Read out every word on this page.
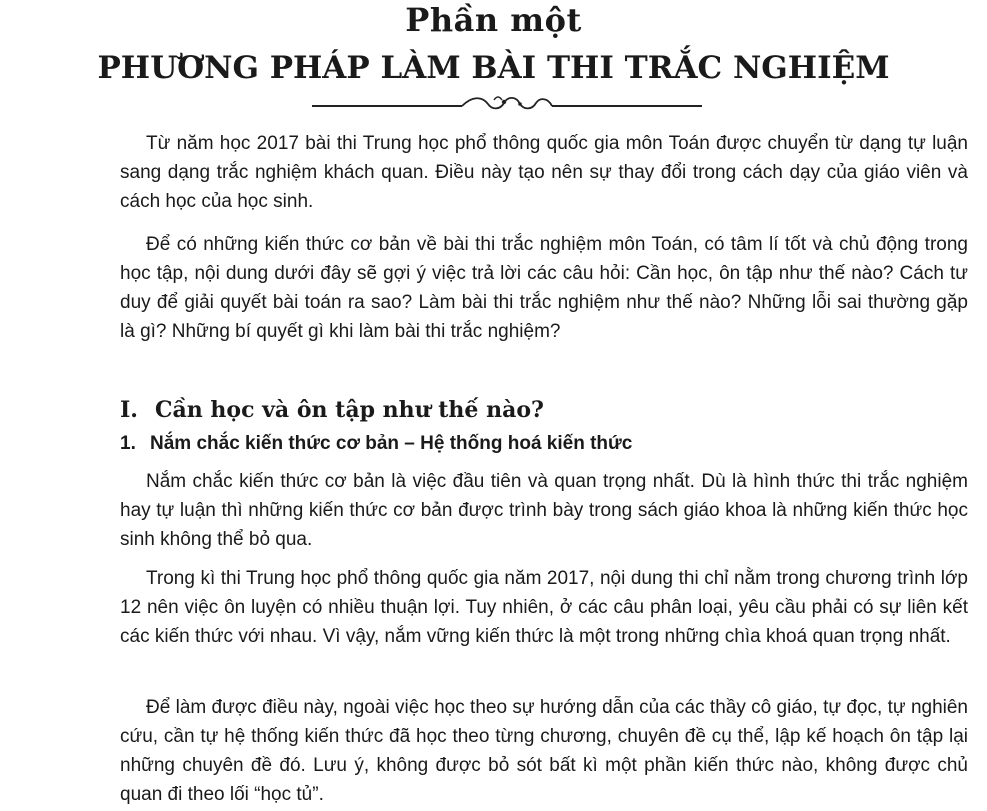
Phần một
PHƯƠNG PHÁP LÀM BÀI THI TRẮC NGHIỆM

Từ năm học 2017 bài thi Trung học phổ thông quốc gia môn Toán được chuyển từ dạng tự luận sang dạng trắc nghiệm khách quan. Điều này tạo nên sự thay đổi trong cách dạy của giáo viên và cách học của học sinh.

Để có những kiến thức cơ bản về bài thi trắc nghiệm môn Toán, có tâm lí tốt và chủ động trong học tập, nội dung dưới đây sẽ gợi ý việc trả lời các câu hỏi: Cần học, ôn tập như thế nào? Cách tư duy để giải quyết bài toán ra sao? Làm bài thi trắc nghiệm như thế nào? Những lỗi sai thường gặp là gì? Những bí quyết gì khi làm bài thi trắc nghiệm?

I. Cần học và ôn tập như thế nào?
1. Nắm chắc kiến thức cơ bản – Hệ thống hoá kiến thức

Nắm chắc kiến thức cơ bản là việc đầu tiên và quan trọng nhất. Dù là hình thức thi trắc nghiệm hay tự luận thì những kiến thức cơ bản được trình bày trong sách giáo khoa là những kiến thức học sinh không thể bỏ qua.

Trong kì thi Trung học phổ thông quốc gia năm 2017, nội dung thi chỉ nằm trong chương trình lớp 12 nên việc ôn luyện có nhiều thuận lợi. Tuy nhiên, ở các câu phân loại, yêu cầu phải có sự liên kết các kiến thức với nhau. Vì vậy, nắm vững kiến thức là một trong những chìa khoá quan trọng nhất.

Để làm được điều này, ngoài việc học theo sự hướng dẫn của các thầy cô giáo, tự đọc, tự nghiên cứu, cần tự hệ thống kiến thức đã học theo từng chương, chuyên đề cụ thể, lập kế hoạch ôn tập lại những chuyên đề đó. Lưu ý, không được bỏ sót bất kì một phần kiến thức nào, không được chủ quan đi theo lối “học tủ”.
